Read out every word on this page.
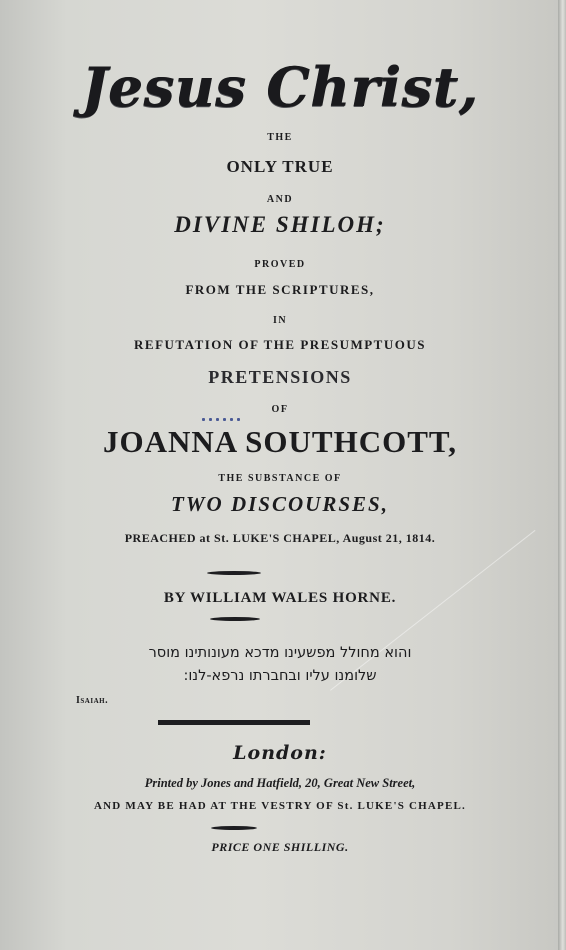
Jesus Christ,
THE
ONLY TRUE
AND
DIVINE SHILOH;
PROVED
FROM THE SCRIPTURES,
IN
REFUTATION OF THE PRESUMPTUOUS
PRETENSIONS
OF
JOANNA SOUTHCOTT,
THE SUBSTANCE OF
TWO DISCOURSES,
PREACHED at St. LUKE'S CHAPEL, August 21, 1814.
BY WILLIAM WALES HORNE.
והוא מחולל מפשעינו מדכא מעונותינו מוסר
שלומנו עליו ובחברתו נרפא-לנו:
Isaiah.
London:
Printed by Jones and Hatfield, 20, Great New Street,
AND MAY BE HAD AT THE VESTRY OF St. LUKE'S CHAPEL.
PRICE ONE SHILLING.
